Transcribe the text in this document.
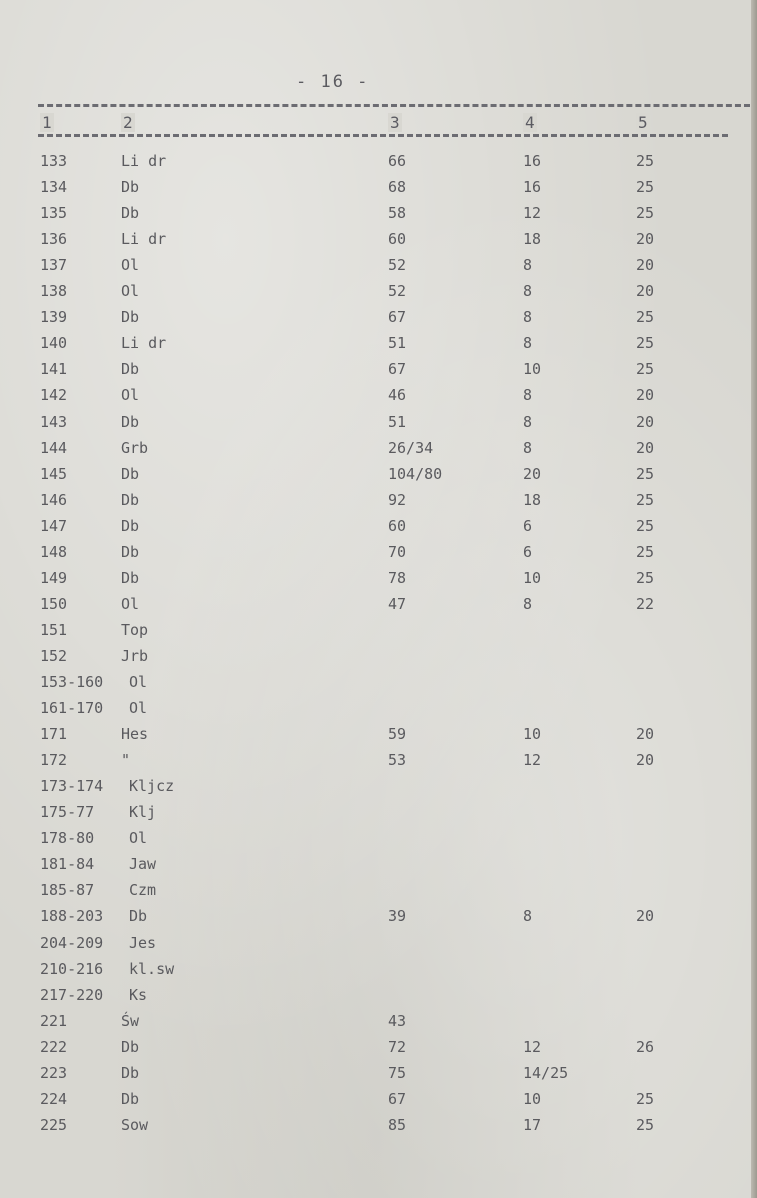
- 16 -
1	2	3	4	5
133	Li dr	66	16	25
134	Db	68	16	25
135	Db	58	12	25
136	Li dr	60	18	20
137	Ol	52	8	20
138	Ol	52	8	20
139	Db	67	8	25
140	Li dr	51	8	25
141	Db	67	10	25
142	Ol	46	8	20
143	Db	51	8	20
144	Grb	26/34	8	20
145	Db	104/80	20	25
146	Db	92	18	25
147	Db	60	6	25
148	Db	70	6	25
149	Db	78	10	25
150	Ol	47	8	22
151	Top
152	Jrb
153-160 Ol
161-170 Ol
171	Hes	59	10	20
172	"	53	12	20
173-174 Kljcz
175-77 Klj
178-80 Ol
181-84 Jaw
185-87 Czm
188-203 Db	39	8	20
204-209 Jes
210-216 kl.sw
217-220 Ks
221	Św	43
222	Db	72	12	26
223	Db	75	14/25
224	Db	67	10	25
225	Sow	85	17	25
